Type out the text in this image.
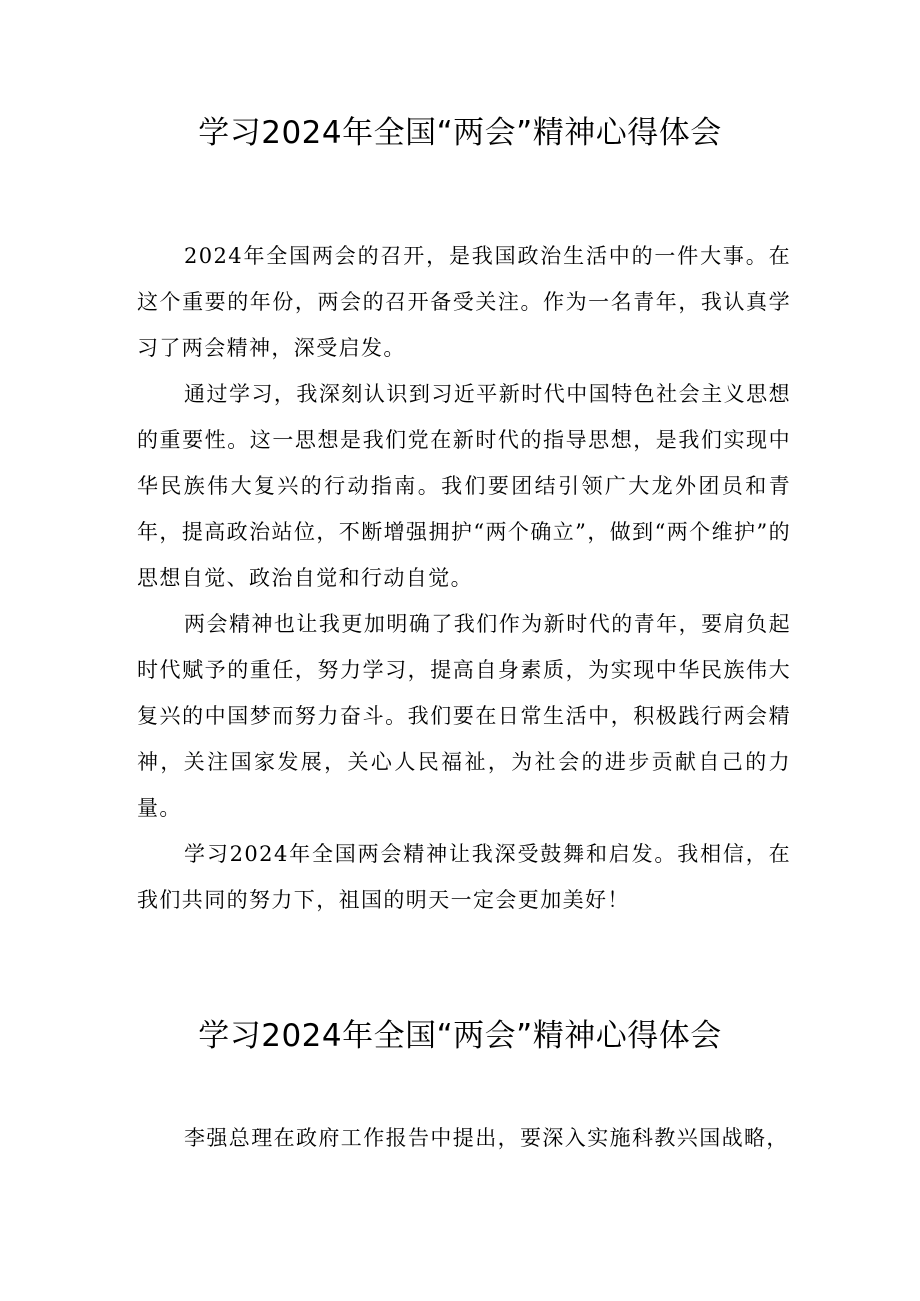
学习2024年全国“两会”精神心得体会

2024年全国两会的召开，是我国政治生活中的一件大事。在这个重要的年份，两会的召开备受关注。作为一名青年，我认真学习了两会精神，深受启发。

通过学习，我深刻认识到习近平新时代中国特色社会主义思想的重要性。这一思想是我们党在新时代的指导思想，是我们实现中华民族伟大复兴的行动指南。我们要团结引领广大龙外团员和青年，提高政治站位，不断增强拥护“两个确立”，做到“两个维护”的思想自觉、政治自觉和行动自觉。

两会精神也让我更加明确了我们作为新时代的青年，要肩负起时代赋予的重任，努力学习，提高自身素质，为实现中华民族伟大复兴的中国梦而努力奋斗。我们要在日常生活中，积极践行两会精神，关注国家发展，关心人民福祉，为社会的进步贡献自己的力量。

学习2024年全国两会精神让我深受鼓舞和启发。我相信，在我们共同的努力下，祖国的明天一定会更加美好！

学习2024年全国“两会”精神心得体会

李强总理在政府工作报告中提出，要深入实施科教兴国战略，
